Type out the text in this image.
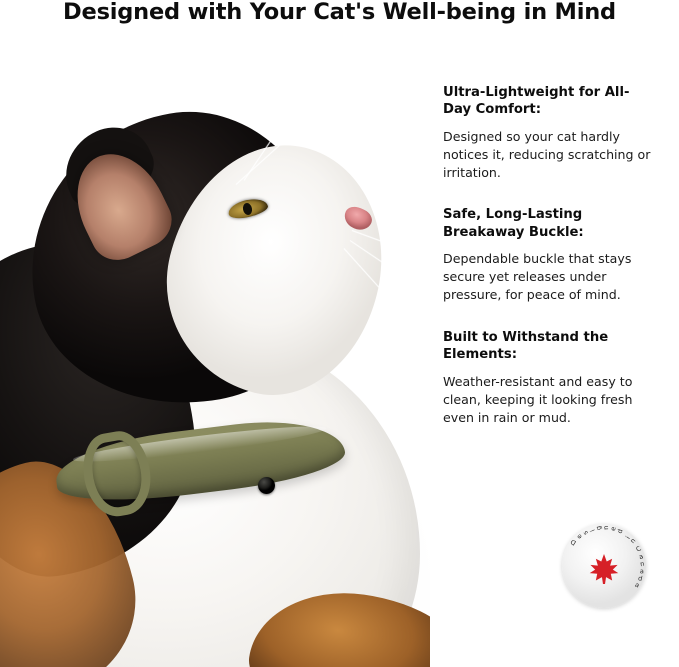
Designed with Your Cat's Well-being in Mind

Ultra-Lightweight for All-Day Comfort:

Designed so your cat hardly notices it, reducing scratching or irritation.

Safe, Long-Lasting Breakaway Buckle:

Dependable buckle that stays secure yet releases under pressure, for peace of mind.

Built to Withstand the Elements:

Weather-resistant and easy to clean, keeping it looking fresh even in rain or mud.

D
e
s
i
g
n
e
d
i
n
C
a
n
a
d
a
